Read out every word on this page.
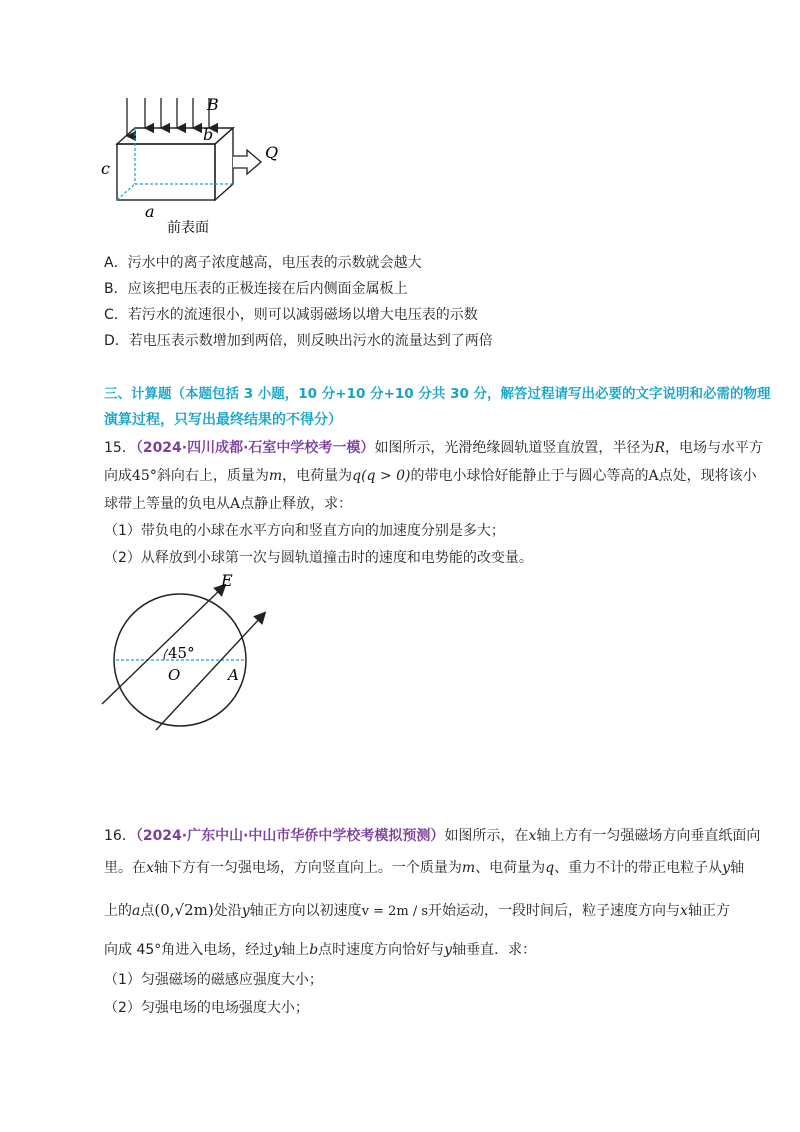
B
b
c
a
Q
前表面
A．污水中的离子浓度越高，电压表的示数就会越大
B．应该把电压表的正极连接在后内侧面金属板上
C．若污水的流速很小，则可以减弱磁场以增大电压表的示数
D．若电压表示数增加到两倍，则反映出污水的流量达到了两倍
三、计算题（本题包括 3 小题，10 分+10 分+10 分共 30 分，解答过程请写出必要的文字说明和必需的物理
演算过程，只写出最终结果的不得分）
15．（2024·四川成都·石室中学校考一模）如图所示，光滑绝缘圆轨道竖直放置，半径为R，电场与水平方
向成45°斜向右上，质量为m，电荷量为q(q > 0)的带电小球恰好能静止于与圆心等高的A点处，现将该小
球带上等量的负电从A点静止释放，求：
（1）带负电的小球在水平方向和竖直方向的加速度分别是多大；
（2）从释放到小球第一次与圆轨道撞击时的速度和电势能的改变量。
E
45°
O	A
16．（2024·广东中山·中山市华侨中学校考模拟预测）如图所示，在x轴上方有一匀强磁场方向垂直纸面向
里。在x轴下方有一匀强电场，方向竖直向上。一个质量为m、电荷量为q、重力不计的带正电粒子从y轴
上的a点(0,√2m)处沿y轴正方向以初速度v = 2m / s开始运动，一段时间后，粒子速度方向与x轴正方
向成 45°角进入电场，经过y轴上b点时速度方向恰好与y轴垂直．求：
（1）匀强磁场的磁感应强度大小；
（2）匀强电场的电场强度大小；
